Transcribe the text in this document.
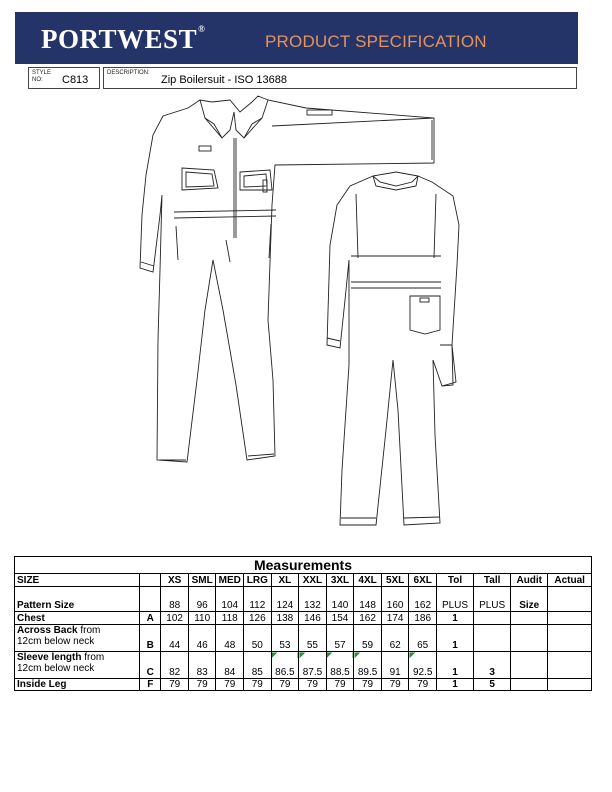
PORTWEST®
PRODUCT SPECIFICATION
STYLE
NO:	C813
DESCRIPTION:
Zip Boilersuit - ISO 13688
Measurements															
SIZE		XS	SML	MED	LRG	XL	XXL	3XL	4XL	5XL	6XL	Tol	Tall	Audit	Actual
Pattern Size		88	96	104	112	124	132	140	148	160	162	PLUS	PLUS	Size	
Chest	A	102	110	118	126	138	146	154	162	174	186	1			
Across Back from
12cm below neck	B	44	46	48	50	53	55	57	59	62	65	1			
Sleeve length from
12cm below neck	C	82	83	84	85	86.5	87.5	88.5	89.5	91	92.5	1	3		
Inside Leg	F	79	79	79	79	79	79	79	79	79	79	1	5		
